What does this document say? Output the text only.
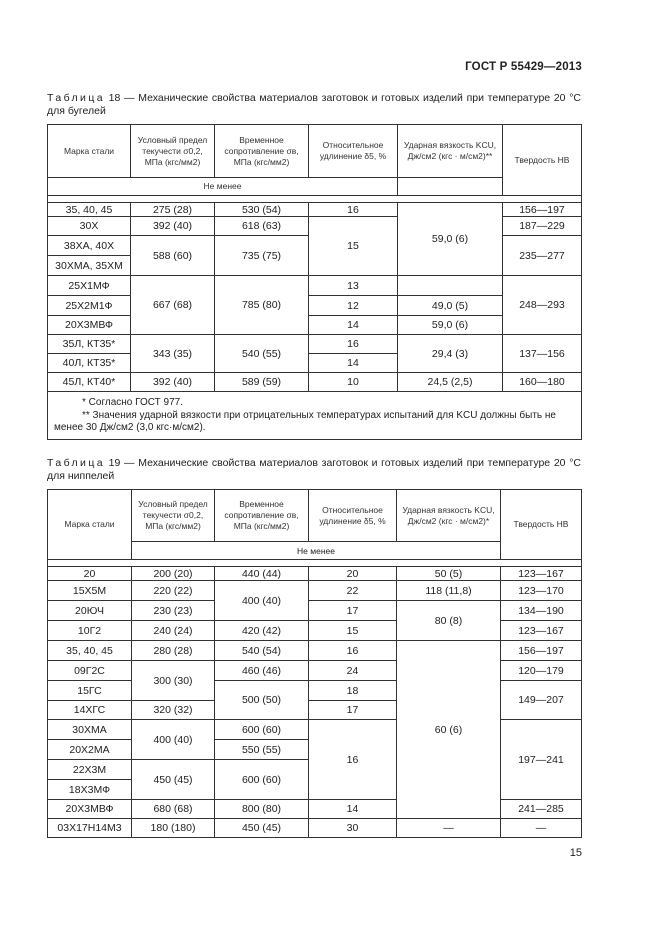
ГОСТ Р 55429—2013
Таблица 18 — Механические свойства материалов заготовок и готовых изделий при температуре 20 °С для бугелей
Марка стали	Условный предел текучести σ0,2, МПа (кгс/мм2)	Временное сопротивление σв, МПа (кгс/мм2)	Относительное удлинение δ5, %	Ударная вязкость KCU, Дж/см2 (кгс · м/см2)**	Твердость НВ
Не менее				

35, 40, 45	275 (28)	530 (54)	16	59,0 (6)	156—197
30Х	392 (40)	618 (63)	15		187—229
38ХА, 40Х	588 (60)	735 (75)			235—277
30ХМА, 35ХМ					
25Х1МФ	667 (68)	785 (80)	13		248—293
25Х2М1Ф			12	49,0 (5)	
20Х3МВФ			14	59,0 (6)	
35Л, КТ35*	343 (35)	540 (55)	16	29,4 (3)	137—156
40Л, КТ35*			14		
45Л, КТ40*	392 (40)	589 (59)	10	24,5 (2,5)	160—180

* Согласно ГОСТ 977.
** Значения ударной вязкости при отрицательных температурах испытаний для KCU должны быть не менее 30 Дж/см2 (3,0 кгс·м/см2).					
Таблица 19 — Механические свойства материалов заготовок и готовых изделий при температуре 20 °С для ниппелей
Марка стали	Условный предел текучести σ0,2, МПа (кгс/мм2)	Временное сопротивление σв, МПа (кгс/мм2)	Относительное удлинение δ5, %	Ударная вязкость KCU, Дж/см2 (кгс · м/см2)*	Твердость НВ
	Не менее				

20	200 (20)	440 (44)	20	50 (5)	123—167
15Х5М	220 (22)	400 (40)	22	118 (11,8)	123—170
20ЮЧ	230 (23)		17	80 (8)	134—190
10Г2	240 (24)	420 (42)	15		123—167
35, 40, 45	280 (28)	540 (54)	16	60 (6)	156—197
09Г2С	300 (30)	460 (46)	24		120—179
15ГС		500 (50)	18		149—207
14ХГС	320 (32)		17		
30ХМА	400 (40)	600 (60)	16		197—241
20Х2МА		550 (55)			
22Х3М	450 (45)	600 (60)			
18Х3МФ					
20Х3МВФ	680 (68)	800 (80)	14		241—285
03Х17Н14М3	180 (180)	450 (45)	30	—	—
15
